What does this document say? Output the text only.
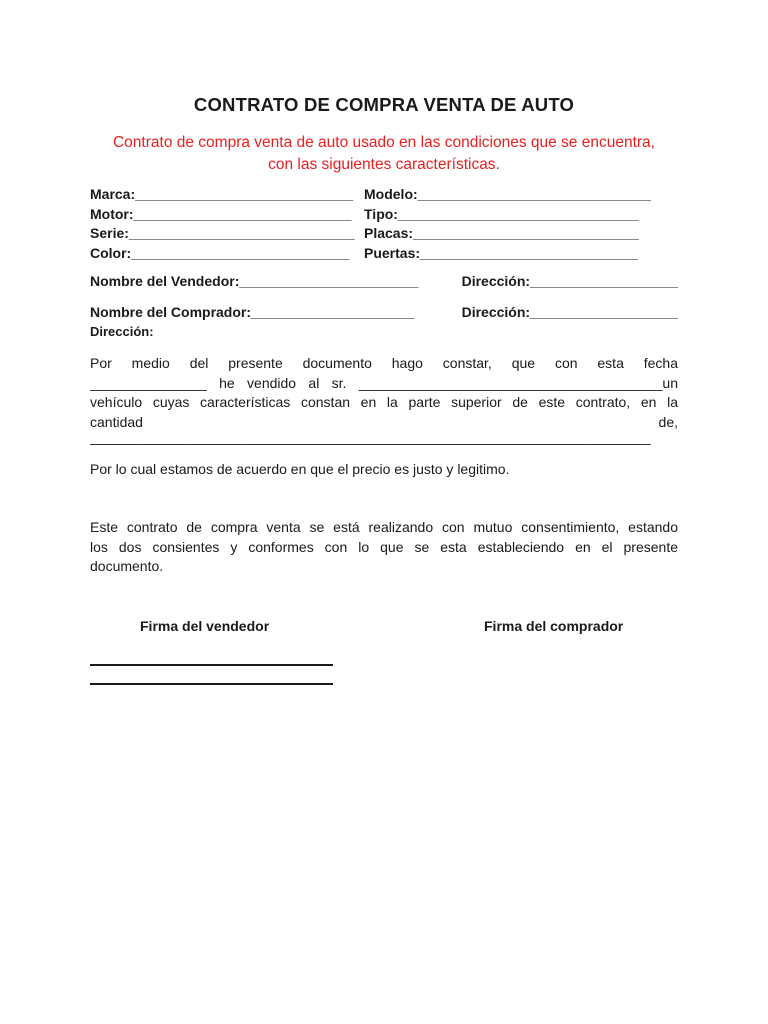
CONTRATO DE COMPRA VENTA DE AUTO
Contrato de compra venta de auto usado en las condiciones que se encuentra,
con las siguientes características.
Marca:____________________________ Modelo:______________________________
Motor:____________________________ Tipo:_______________________________
Serie:_____________________________ Placas:_____________________________
Color:____________________________	Puertas:____________________________
Nombre del Vendedor:_______________________	Dirección:___________________
Nombre del Comprador:_____________________	Dirección:___________________
Dirección:
Por medio del presente documento hago constar, que con esta fecha
_______________ he vendido al sr. _______________________________________un
vehículo cuyas características constan en la parte superior de este contrato, en la
cantidad	de,
________________________________________________________________________
Por lo cual estamos de acuerdo en que el precio es justo y legitimo.
Este contrato de compra venta se está realizando con mutuo consentimiento, estando
los dos consientes y conformes con lo que se esta estableciendo en el presente
documento.
Firma del vendedor	Firma del comprador
